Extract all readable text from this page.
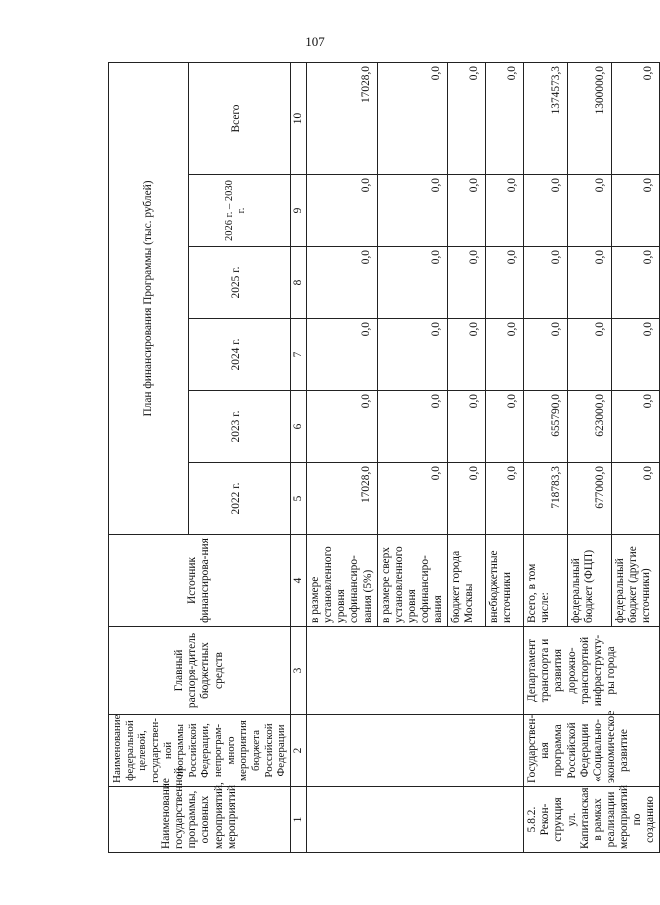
107
Наименование государственной программы, основных мероприятий, мероприятий	Наименование федеральной целевой, государствен-ной программы Российской Федерации, непрограм-много мероприятия бюджета Российской Федерации	Главный распоря-дитель бюджетных средств	Источник финансирова-ния	План финансирования Программы (тыс. рублей)					
				2022 г.	2023 г.	2024 г.	2025 г.	2026 г. – 2030 г.	Всего
1	2	3	4	5	6	7	8	9	10
			в размере установленного уровня софинансиро-вания (5%)	17028,0	0,0	0,0	0,0	0,0	17028,0
			в размере сверх установленного уровня софинансиро-вания	0,0	0,0	0,0	0,0	0,0	0,0
			бюджет города Москвы	0,0	0,0	0,0	0,0	0,0	0,0
			внебюджетные источники	0,0	0,0	0,0	0,0	0,0	0,0
5.8.2. Рекон-струкция ул. Капитанская в рамках реализации мероприятий по созданию	Государствен-ная программа Российской Федерации «Социально-экономическое развитие	Департамент транспорта и развития дорожно-транспортной инфраструкту-ры города	Всего, в том числе:	718783,3	655790,0	0,0	0,0	0,0	1374573,3
			федеральный бюджет (ФЦП)	677000,0	623000,0	0,0	0,0	0,0	1300000,0
			федеральный бюджет (другие источники)	0,0	0,0	0,0	0,0	0,0	0,0
